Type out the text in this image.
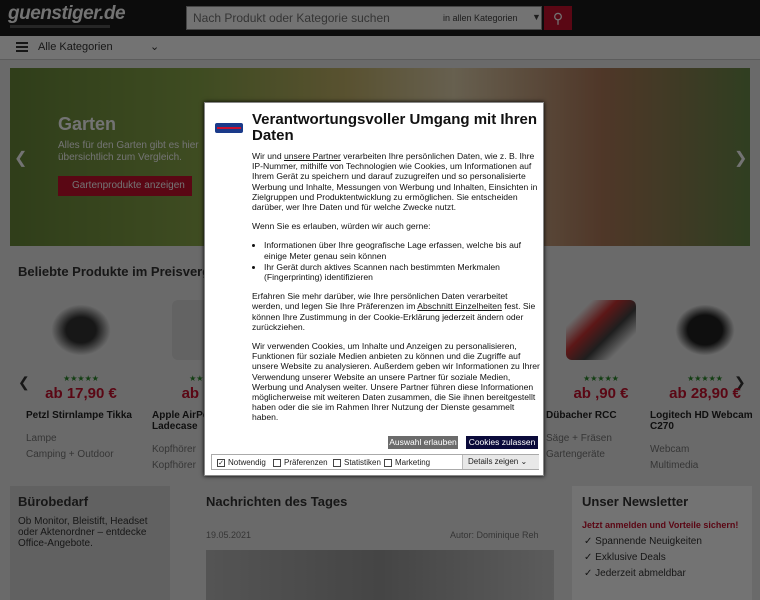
Nach Produkt oder Kategorie suchen
Verantwortungsvoller Umgang mit Ihren Daten

Wir und unsere Partner verarbeiten Ihre persönlichen Daten, wie z. B. Ihre IP-Nummer, mithilfe von Technologien wie Cookies, um Informationen auf Ihrem Gerät zu speichern und darauf zuzugreifen und so personalisierte Werbung und Inhalte, Messungen von Werbung und Inhalten, Einsichten in Zielgruppen und Produktentwicklung zu ermöglichen. Sie entscheiden darüber, wer Ihre Daten und für welche Zwecke nutzt.

Wenn Sie es erlauben, würden wir auch gerne:

• Informationen über Ihre geografische Lage erfassen, welche bis auf einige Meter genau sein können
• Ihr Gerät durch aktives Scannen nach bestimmten Merkmalen (Fingerprinting) identifizieren

Erfahren Sie mehr darüber, wie Ihre persönlichen Daten verarbeitet werden, und legen Sie Ihre Präferenzen im Abschnitt Einzelheiten fest. Sie können Ihre Zustimmung in der Cookie-Erklärung jederzeit ändern oder zurückziehen.

Wir verwenden Cookies, um Inhalte und Anzeigen zu personalisieren, Funktionen für soziale Medien anbieten zu können und die Zugriffe auf unsere Website zu analysieren. Außerdem geben wir Informationen zu Ihrer Verwendung unserer Website an unsere Partner für soziale Medien, Werbung und Analysen weiter. Unsere Partner führen diese Informationen möglicherweise mit weiteren Daten zusammen, die Sie ihnen bereitgestellt haben oder die sie im Rahmen Ihrer Nutzung der Dienste gesammelt haben.

Auswahl erlauben	Cookies zulassen
✓ Notwendig Präferenzen Statistiken Marketing	Details zeigen ⌄
